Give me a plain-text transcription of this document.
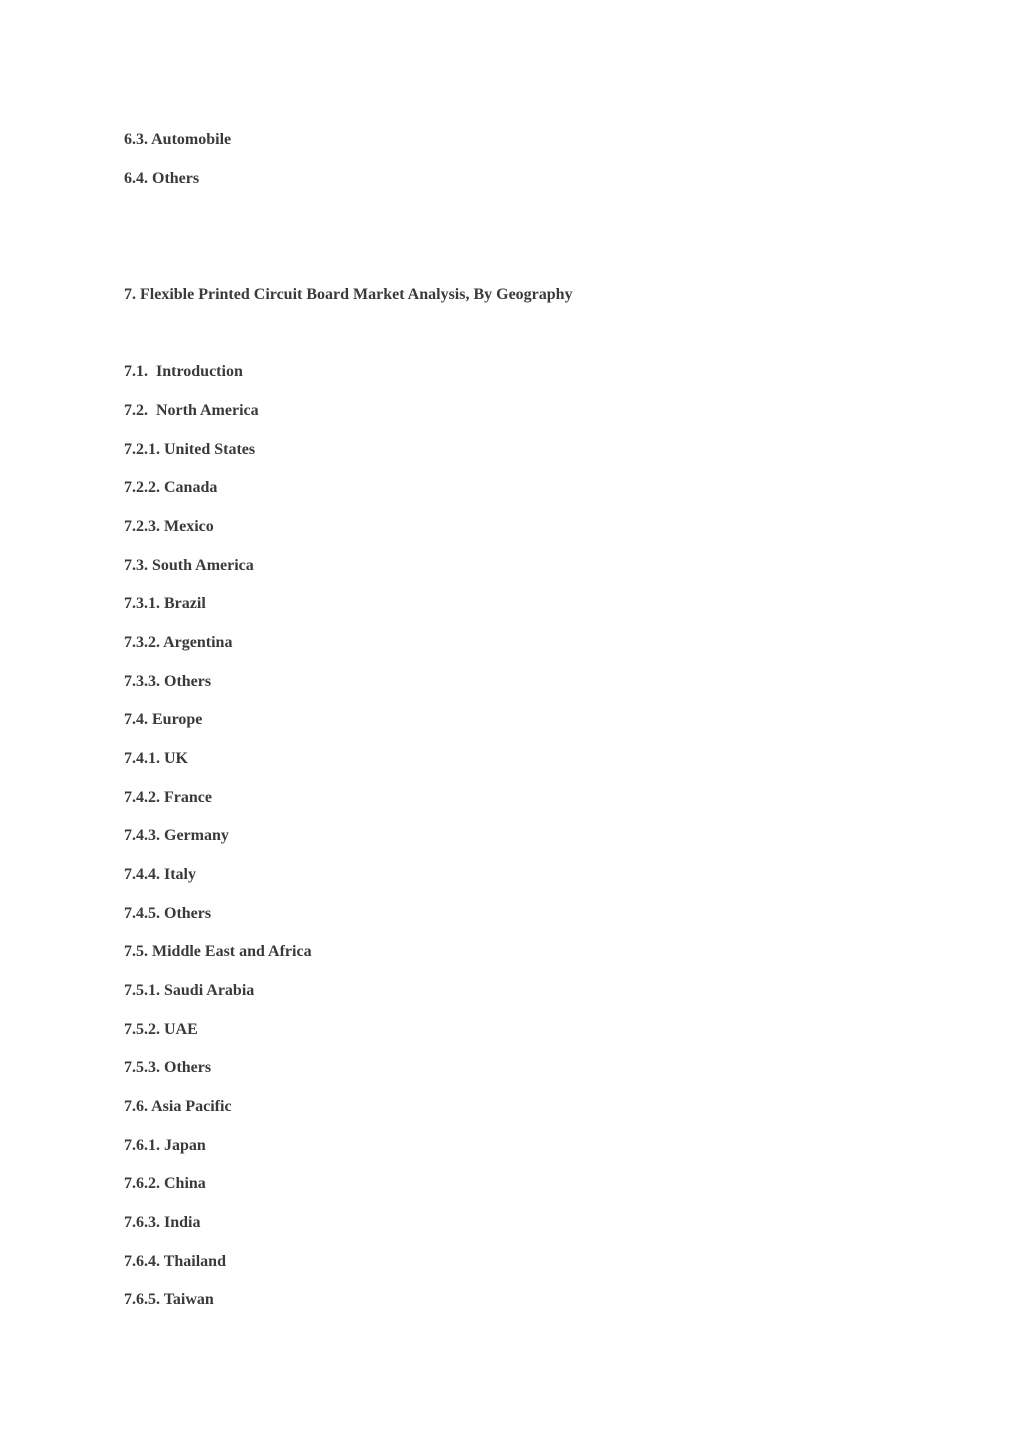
6.3. Automobile
6.4. Others
7. Flexible Printed Circuit Board Market Analysis, By Geography
7.1.  Introduction
7.2.  North America
7.2.1. United States
7.2.2. Canada
7.2.3. Mexico
7.3. South America
7.3.1. Brazil
7.3.2. Argentina
7.3.3. Others
7.4. Europe
7.4.1. UK
7.4.2. France
7.4.3. Germany
7.4.4. Italy
7.4.5. Others
7.5. Middle East and Africa
7.5.1. Saudi Arabia
7.5.2. UAE
7.5.3. Others
7.6. Asia Pacific
7.6.1. Japan
7.6.2. China
7.6.3. India
7.6.4. Thailand
7.6.5. Taiwan
